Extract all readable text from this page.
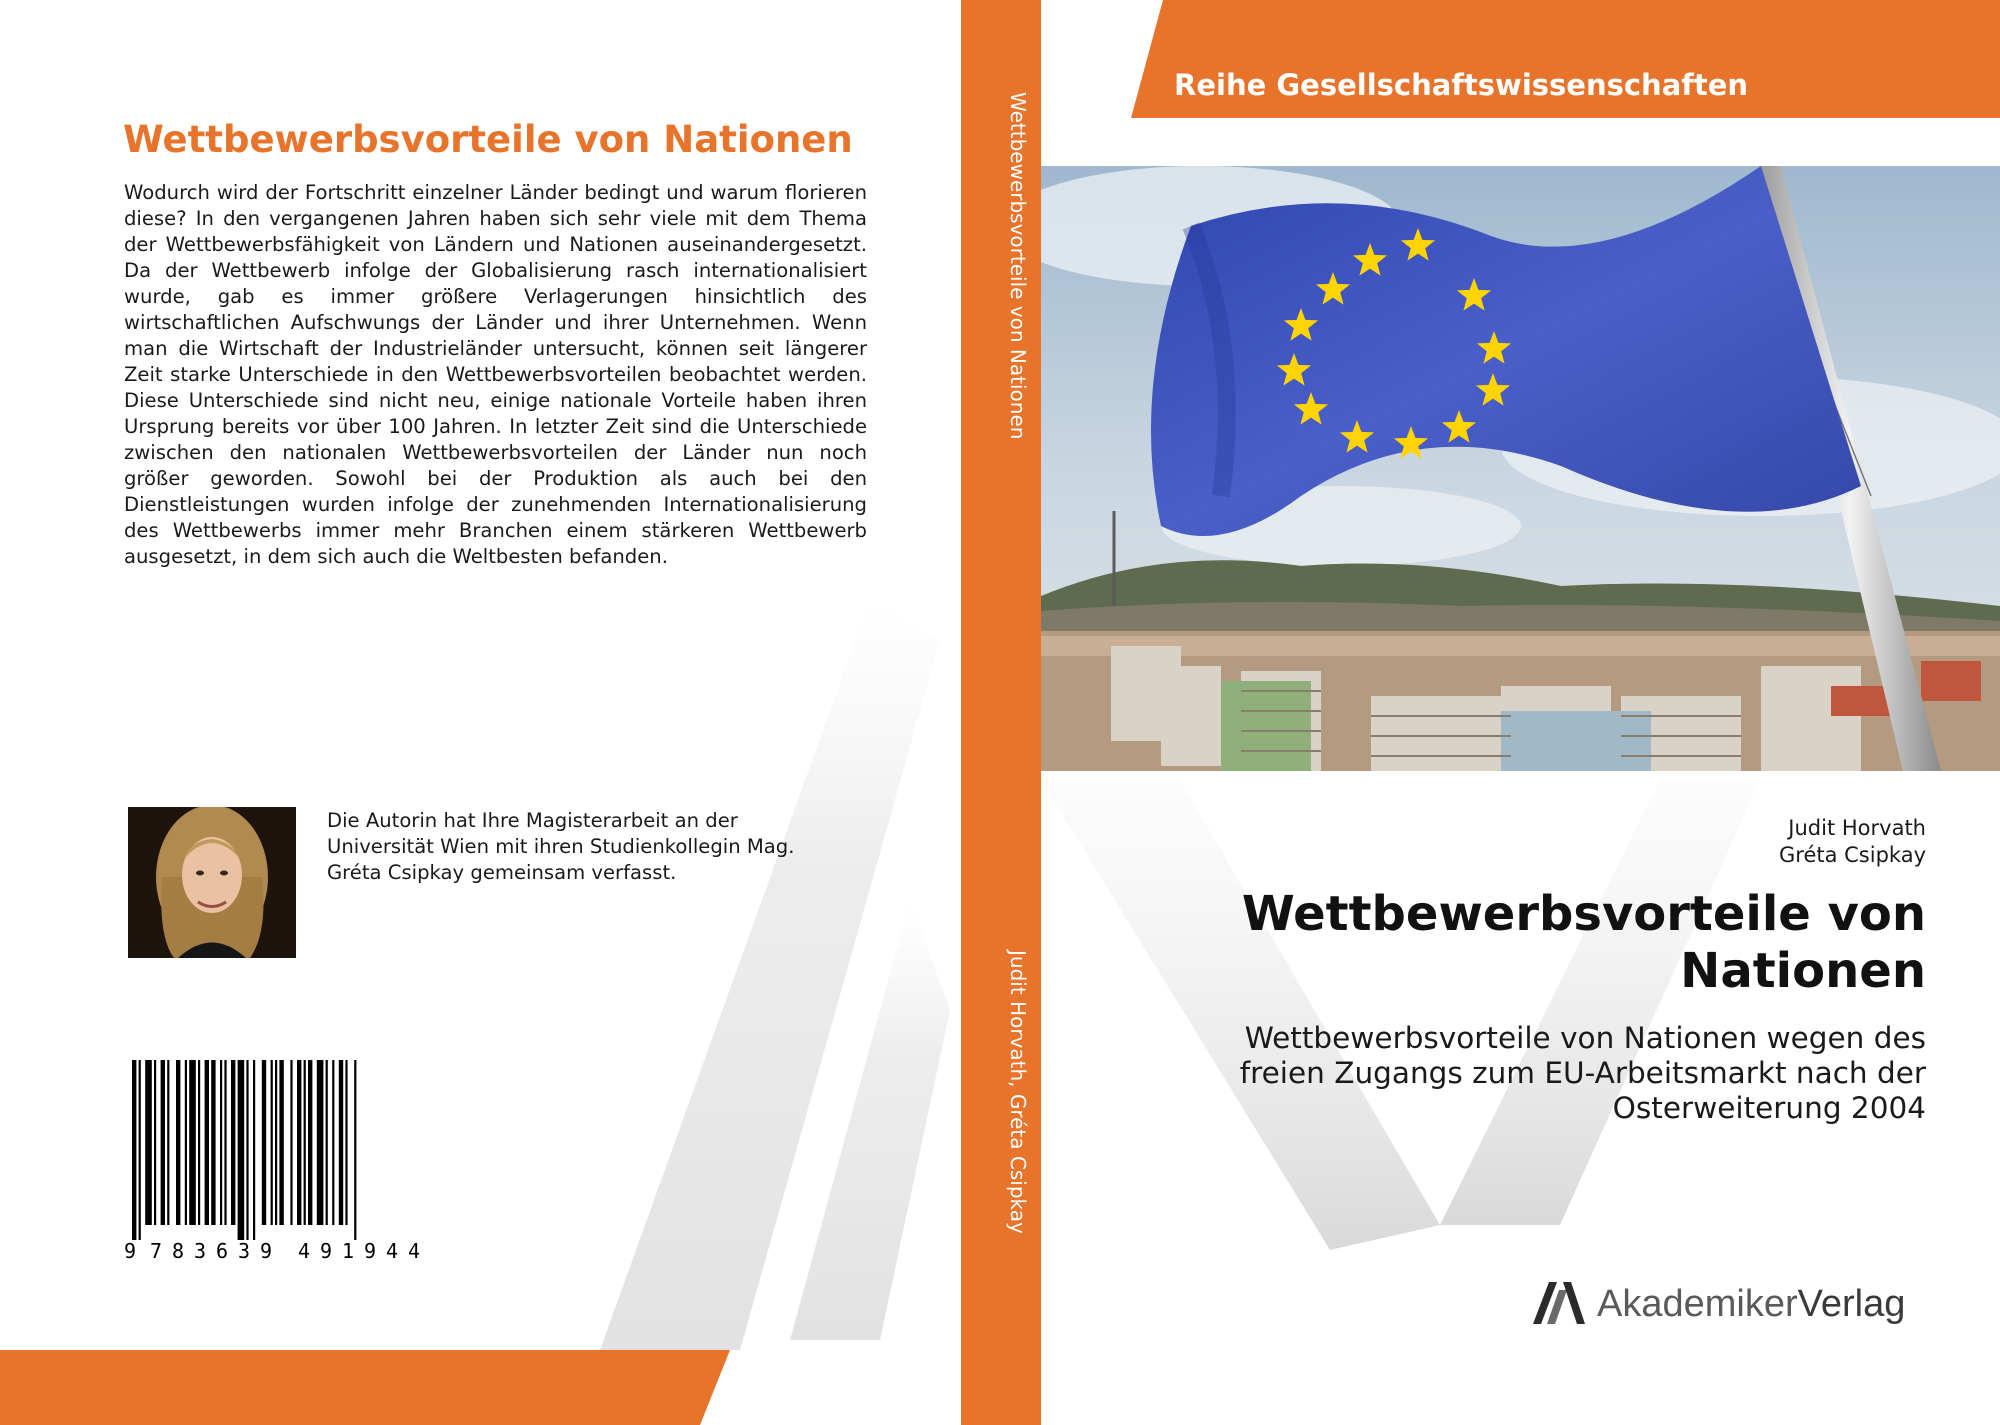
Wettbewerbsvorteile von Nationen

Wodurch wird der Fortschritt einzelner Länder bedingt und warum florieren diese? In den vergangenen Jahren haben sich sehr viele mit dem Thema der Wettbewerbsfähigkeit von Ländern und Nationen auseinandergesetzt. Da der Wettbewerb infolge der Globalisierung rasch internationalisiert wurde, gab es immer größere Verlagerungen hinsichtlich des wirtschaftlichen Aufschwungs der Länder und ihrer Unternehmen. Wenn man die Wirtschaft der Industrieländer untersucht, können seit längerer Zeit starke Unterschiede in den Wettbewerbsvorteilen beobachtet werden. Diese Unterschiede sind nicht neu, einige nationale Vorteile haben ihren Ursprung bereits vor über 100 Jahren. In letzter Zeit sind die Unterschiede zwischen den nationalen Wettbewerbsvorteilen der Länder nun noch größer geworden. Sowohl bei der Produktion als auch bei den Dienstleistungen wurden infolge der zunehmenden Internationalisierung des Wettbewerbs immer mehr Branchen einem stärkeren Wettbewerb ausgesetzt, in dem sich auch die Weltbesten befanden.

Die Autorin hat Ihre Magisterarbeit an der Universität Wien mit ihren Studienkollegin Mag. Gréta Csipkay gemeinsam verfasst.

9 7 8 3 6 3 9 4 9 1 9 4 4
Wettbewerbsvorteile von Nationen
Judit Horvath, Gréta Csipkay

Reihe Gesellschaftswissenschaften

Judit Horvath
Gréta Csipkay

Wettbewerbsvorteile von Nationen

Wettbewerbsvorteile von Nationen wegen des freien Zugangs zum EU-Arbeitsmarkt nach der Osterweiterung 2004

AkademikerVerlag
